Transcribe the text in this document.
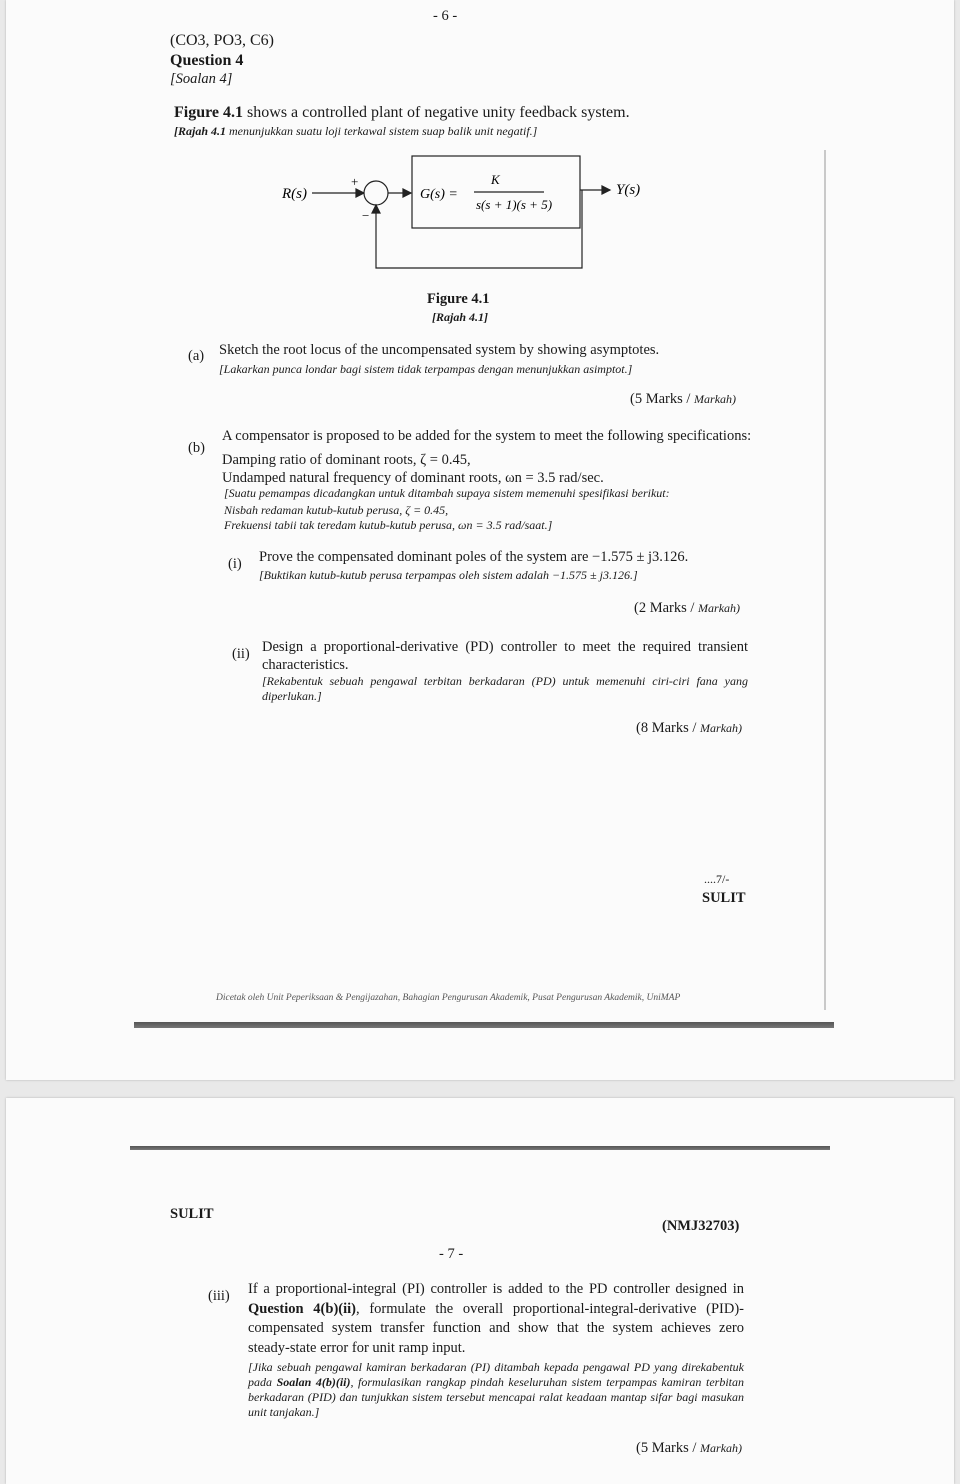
- 6 -
(CO3, PO3, C6)
Question 4
[Soalan 4]
Figure 4.1 shows a controlled plant of negative unity feedback system.
[Rajah 4.1 menunjukkan suatu loji terkawal sistem suap balik unit negatif.]
R(s)
+
−
G(s) =
K
s(s + 1)(s + 5)
Y(s)
Figure 4.1
[Rajah 4.1]
(a) Sketch the root locus of the uncompensated system by showing asymptotes.
[Lakarkan punca londar bagi sistem tidak terpampas dengan menunjukkan asimptot.]
(5 Marks / Markah)
(b)
A compensator is proposed to be added for the system to meet the following specifications:
Damping ratio of dominant roots, ζ = 0.45,
Undamped natural frequency of dominant roots, ωn = 3.5 rad/sec.
[Suatu pemampas dicadangkan untuk ditambah supaya sistem memenuhi spesifikasi berikut:
Nisbah redaman kutub-kutub perusa, ζ = 0.45,
Frekuensi tabii tak teredam kutub-kutub perusa, ωn = 3.5 rad/saat.]
(i) Prove the compensated dominant poles of the system are −1.575 ± j3.126.
[Buktikan kutub-kutub perusa terpampas oleh sistem adalah −1.575 ± j3.126.]
(2 Marks / Markah)
(ii) Design a proportional-derivative (PD) controller to meet the required transient characteristics.
[Rekabentuk sebuah pengawal terbitan berkadaran (PD) untuk memenuhi ciri-ciri fana yang diperlukan.]
(8 Marks / Markah)
....7/-
SULIT
Dicetak oleh Unit Peperiksaan & Pengijazahan, Bahagian Pengurusan Akademik, Pusat Pengurusan Akademik, UniMAP
SULIT
(NMJ32703)
- 7 -
(iii) If a proportional-integral (PI) controller is added to the PD controller designed in Question 4(b)(ii), formulate the overall proportional-integral-derivative (PID)-compensated system transfer function and show that the system achieves zero steady-state error for unit ramp input.
[Jika sebuah pengawal kamiran berkadaran (PI) ditambah kepada pengawal PD yang direkabentuk pada Soalan 4(b)(ii), formulasikan rangkap pindah keseluruhan sistem terpampas kamiran terbitan berkadaran (PID) dan tunjukkan sistem tersebut mencapai ralat keadaan mantap sifar bagi masukan unit tanjakan.]
(5 Marks / Markah)
